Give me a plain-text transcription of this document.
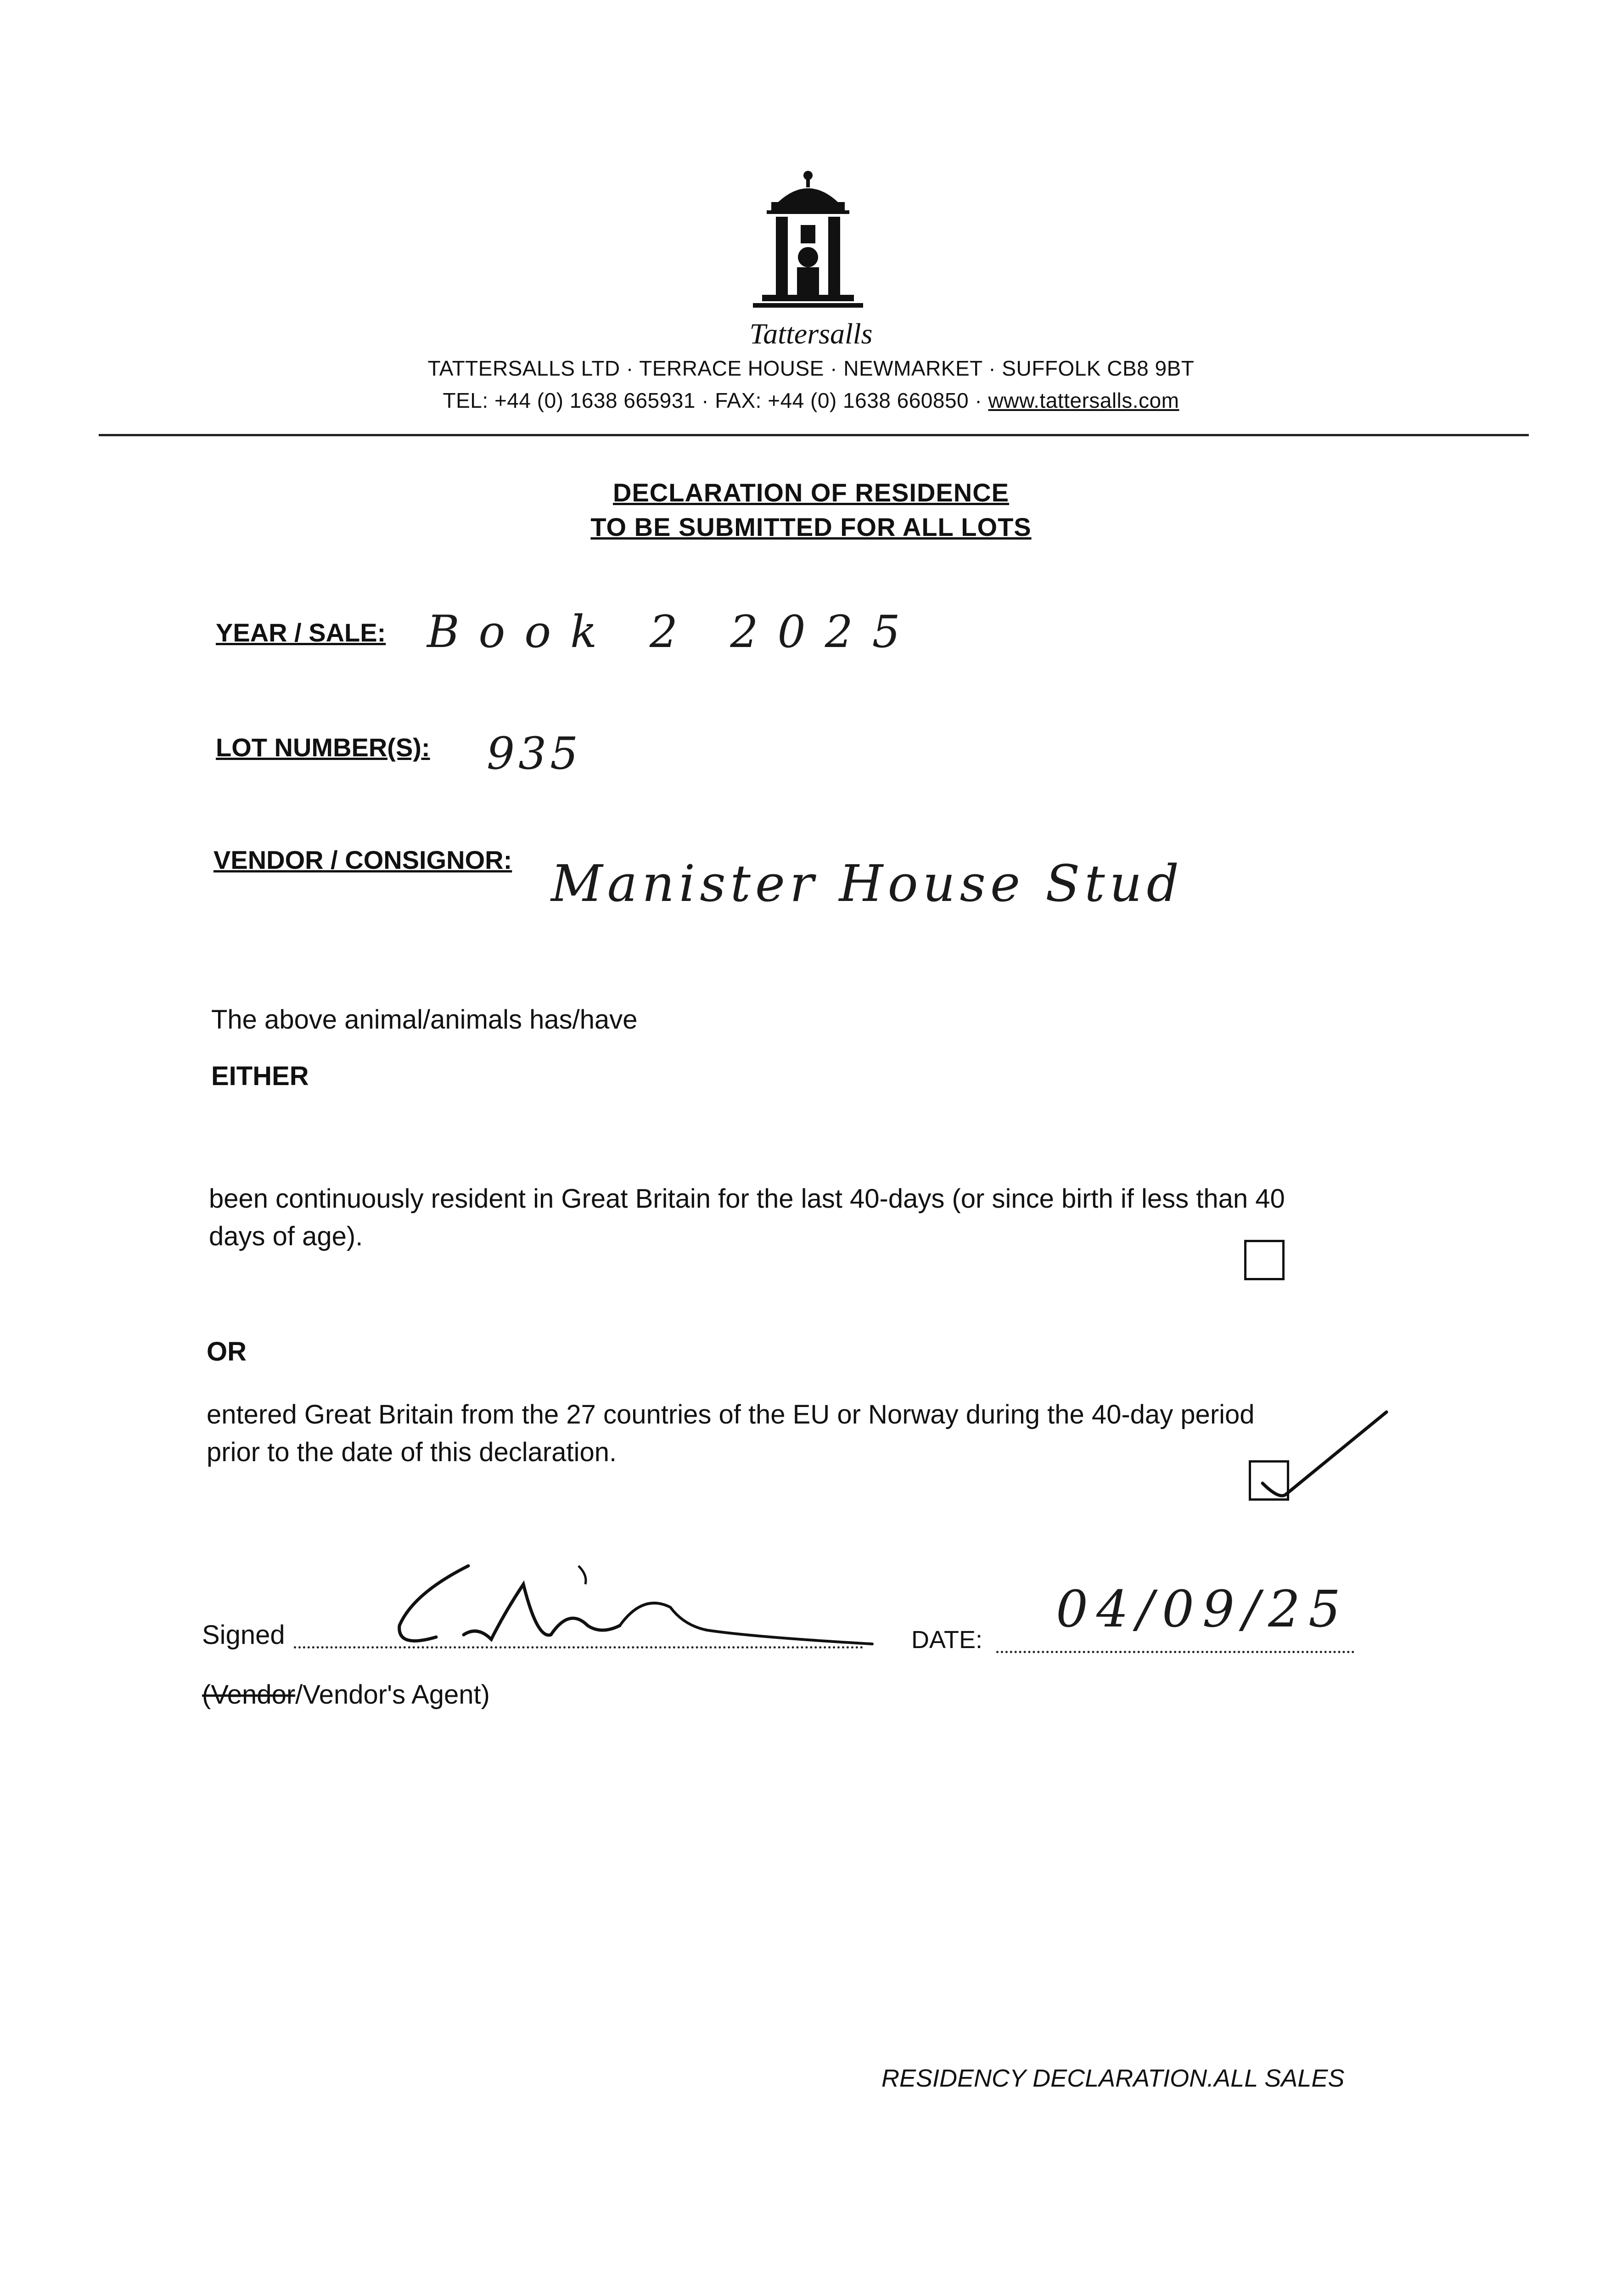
Tattersalls
TATTERSALLS LTD · TERRACE HOUSE · NEWMARKET · SUFFOLK CB8 9BT
TEL: +44 (0) 1638 665931 · FAX: +44 (0) 1638 660850 · www.tattersalls.com
DECLARATION OF RESIDENCE
TO BE SUBMITTED FOR ALL LOTS
YEAR / SALE: Book 2 2025
LOT NUMBER(S): 935
VENDOR / CONSIGNOR: Manister House Stud
The above animal/animals has/have
EITHER
been continuously resident in Great Britain for the last 40-days (or since birth if less than 40
days of age).
OR
entered Great Britain from the 27 countries of the EU or Norway during the 40-day period
prior to the date of this declaration.
Signed	DATE:
04/09/25
(Vendor/Vendor's Agent)
RESIDENCY DECLARATION.ALL SALES
